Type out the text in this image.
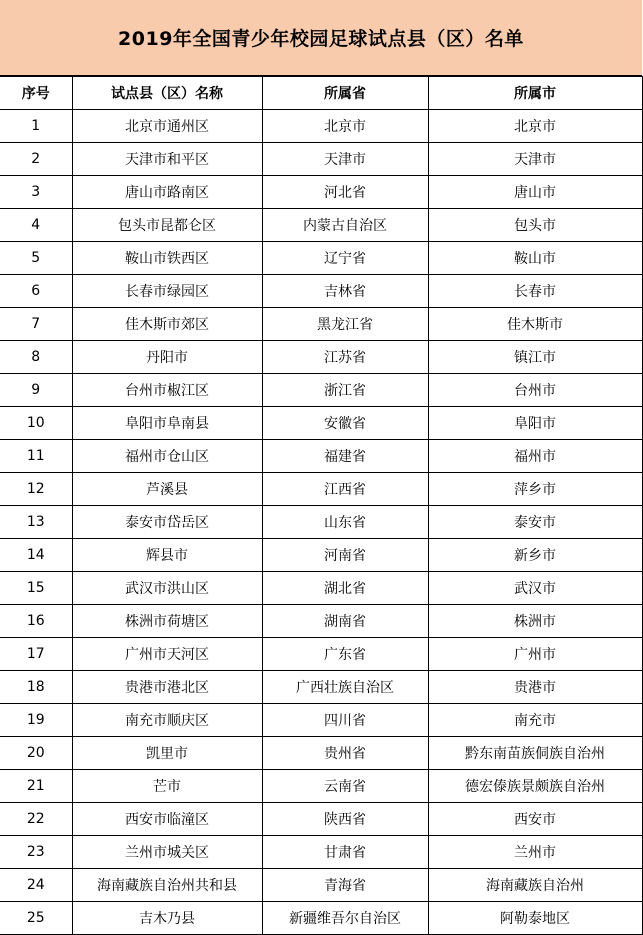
2019年全国青少年校园足球试点县（区）名单
序号	试点县（区）名称	所属省	所属市
1	北京市通州区	北京市	北京市
2	天津市和平区	天津市	天津市
3	唐山市路南区	河北省	唐山市
4	包头市昆都仑区	内蒙古自治区	包头市
5	鞍山市铁西区	辽宁省	鞍山市
6	长春市绿园区	吉林省	长春市
7	佳木斯市郊区	黑龙江省	佳木斯市
8	丹阳市	江苏省	镇江市
9	台州市椒江区	浙江省	台州市
10	阜阳市阜南县	安徽省	阜阳市
11	福州市仓山区	福建省	福州市
12	芦溪县	江西省	萍乡市
13	泰安市岱岳区	山东省	泰安市
14	辉县市	河南省	新乡市
15	武汉市洪山区	湖北省	武汉市
16	株洲市荷塘区	湖南省	株洲市
17	广州市天河区	广东省	广州市
18	贵港市港北区	广西壮族自治区	贵港市
19	南充市顺庆区	四川省	南充市
20	凯里市	贵州省	黔东南苗族侗族自治州
21	芒市	云南省	德宏傣族景颇族自治州
22	西安市临潼区	陕西省	西安市
23	兰州市城关区	甘肃省	兰州市
24	海南藏族自治州共和县	青海省	海南藏族自治州
25	吉木乃县	新疆维吾尔自治区	阿勒泰地区
